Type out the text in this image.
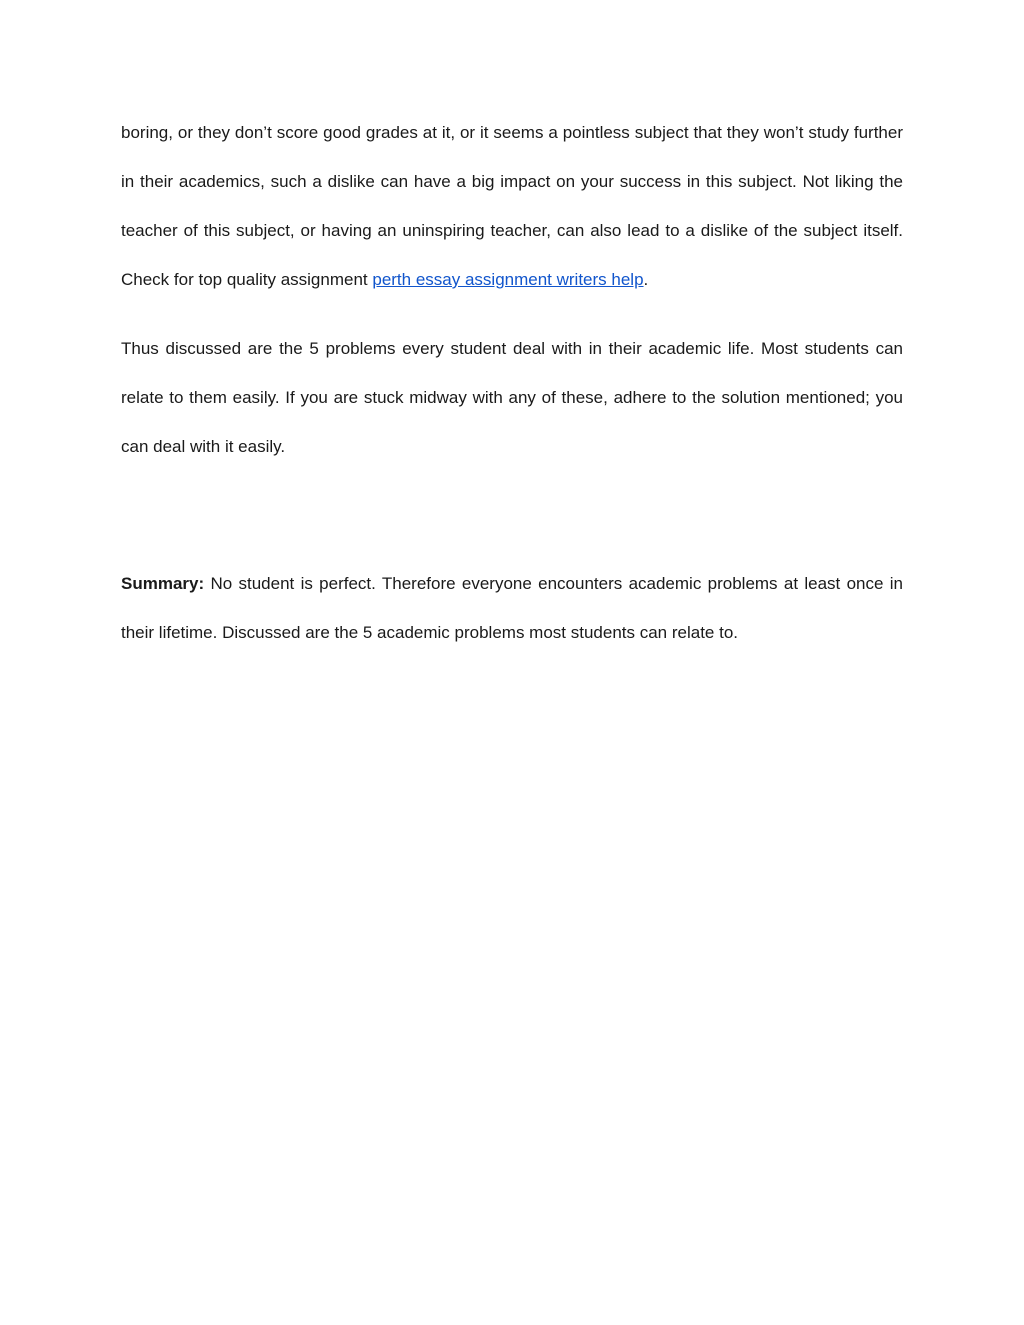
boring, or they don’t score good grades at it, or it seems a pointless subject that they won’t study further in their academics, such a dislike can have a big impact on your success in this subject. Not liking the teacher of this subject, or having an uninspiring teacher, can also lead to a dislike of the subject itself. Check for top quality assignment perth essay assignment writers help.

Thus discussed are the 5 problems every student deal with in their academic life. Most students can relate to them easily. If you are stuck midway with any of these, adhere to the solution mentioned; you can deal with it easily.

Summary: No student is perfect. Therefore everyone encounters academic problems at least once in their lifetime. Discussed are the 5 academic problems most students can relate to.
